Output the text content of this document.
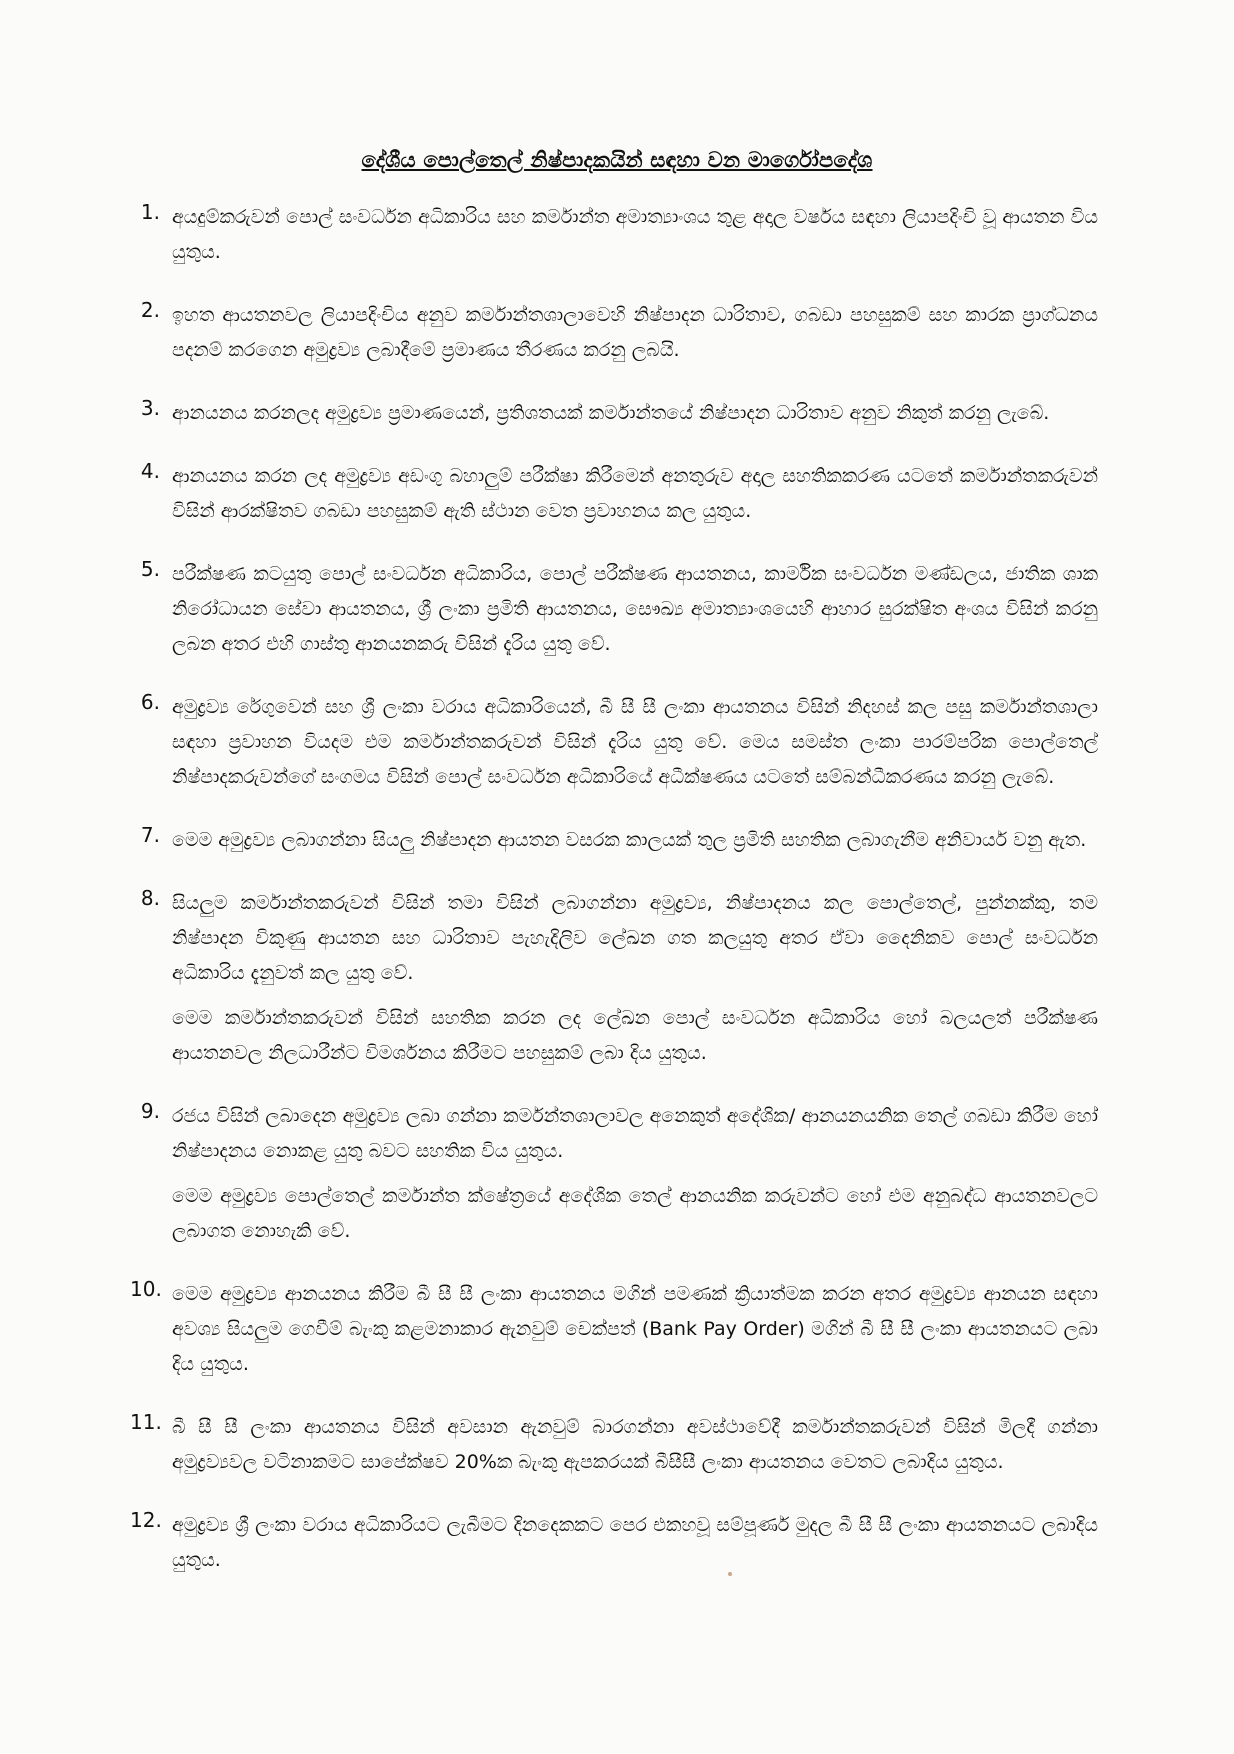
දේශීය පොල්තෙල් නිෂ්පාදකයින් සඳහා වන මාර්ගෝපදේශ
1. අයදුම්කරුවන් පොල් සංවර්ධන අධිකාරිය සහ කර්මාන්ත අමාත්‍යාංශය තුළ අදාල වර්ෂය සඳහා ලියාපදිංචි වූ ආයතන විය යුතුය.

2. ඉහත ආයතනවල ලියාපදිංචිය අනුව කර්මාන්තශාලාවෙහි නිෂ්පාදන ධාරිතාව, ගබඩා පහසුකම් සහ කාරක ප්‍රාග්ධනය පදනම් කරගෙන අමුද්‍රව්‍ය ලබාදීමේ ප්‍රමාණය තීරණය කරනු ලබයි.

3. ආනයනය කරනලද අමුද්‍රව්‍ය ප්‍රමාණයෙන්, ප්‍රතිශතයක් කර්මාන්තයේ නිෂ්පාදන ධාරිතාව අනුව නිකුත් කරනු ලැබේ.

4. ආනයනය කරන ලද අමුද්‍රව්‍ය අඩංගු බහාලුම් පරීක්ෂා කිරීමෙන් අනතුරුව අදාල සහතිකකරණ යටතේ කර්මාන්තකරුවන් විසින් ආරක්ෂිතව ගබඩා පහසුකම් ඇති ස්ථාන වෙත ප්‍රවාහනය කල යුතුය.

5. පරීක්ෂණ කටයුතු පොල් සංවර්ධන අධිකාරිය, පොල් පරීක්ෂණ ආයතනය, කාර්මික සංවර්ධන මණ්ඩලය, ජාතික ශාක නිරෝධායන සේවා ආයතනය, ශ්‍රී ලංකා ප්‍රමිති ආයතනය, සෞඛ්‍ය අමාත්‍යාංශයෙහි ආහාර සුරක්ෂිත අංශය විසින් කරනු ලබන අතර එහි ගාස්තු ආනයනකරු විසින් දැරිය යුතු වේ.

6. අමුද්‍රව්‍ය රේගුවෙන් සහ ශ්‍රී ලංකා වරාය අධිකාරියෙන්, බී සී සී ලංකා ආයතනය විසින් නිදහස් කල පසු කර්මාන්තශාලා සඳහා ප්‍රවාහන වියදම එම කර්මාන්තකරුවන් විසින් දැරිය යුතු වේ. මෙය සමස්ත ලංකා පාරම්පරික පොල්තෙල් නිෂ්පාදකරුවන්ගේ සංගමය විසින් පොල් සංවර්ධන අධිකාරියේ අධීක්ෂණය යටතේ සම්බන්ධීකරණය කරනු ලැබේ.

7. මෙම අමුද්‍රව්‍ය ලබාගන්නා සියලු නිෂ්පාදන ආයතන වසරක කාලයක් තුල ප්‍රමිති සහතික ලබාගැනීම අනිවාර්ය වනු ඇත.

8. සියලුම කර්මාන්තකරුවන් විසින් තමා විසින් ලබාගන්නා අමුද්‍රව්‍ය, නිෂ්පාදනය කල පොල්තෙල්, පුන්නක්කු, තම නිෂ්පාදන විකුණු ආයතන සහ ධාරිතාව පැහැදිලිව ලේඛන ගත කලයුතු අතර ඒවා දෛනිකව පොල් සංවර්ධන අධිකාරිය දැනුවත් කල යුතු වේ.

මෙම කර්මාන්තකරුවන් විසින් සහතික කරන ලද ලේඛන පොල් සංවර්ධන අධිකාරිය හෝ බලයලත් පරීක්ෂණ ආයතනවල නිලධාරීන්ට විමර්ශනය කිරීමට පහසුකම් ලබා දිය යුතුය.

9. රජය විසින් ලබාදෙන අමුද්‍රව්‍ය ලබා ගන්නා කර්මන්තශාලාවල අනෙකුත් අදේශික/ ආනයනයනික තෙල් ගබඩා කිරීම හෝ නිෂ්පාදනය නොකළ යුතු බවට සහතික විය යුතුය.

මෙම අමුද්‍රව්‍ය පොල්තෙල් කර්මාන්ත ක්ෂේත්‍රයේ අදේශික තෙල් ආනයනික කරුවන්ට හෝ එම අනුබද්ධ ආයතනවලට ලබාගත නොහැකි වේ.

10. මෙම අමුද්‍රව්‍ය ආනයනය කිරීම බී සී සී ලංකා ආයතනය මගින් පමණක් ක්‍රියාත්මක කරන අතර අමුද්‍රව්‍ය ආනයන සඳහා අවශ්‍ය සියලුම ගෙවීම් බැංකු කළමනාකාර ඇනවුම් චෙක්පත් (Bank Pay Order) මගින් බී සී සී ලංකා ආයතනයට ලබා දිය යුතුය.

11. බී සී සී ලංකා ආයතනය විසින් අවසාන ඇනවුම් බාරගන්නා අවස්ථාවේදී කර්මාන්තකරුවන් විසින් මිලදී ගන්නා අමුද්‍රව්‍යවල වටිනාකමට සාපේක්ෂව 20%ක බැංකු ඇපකරයක් බීසීසී ලංකා ආයතනය වෙතට ලබාදිය යුතුය.

12. අමුද්‍රව්‍ය ශ්‍රී ලංකා වරාය අධිකාරියට ලැබීමට දිනදෙකකට පෙර එකහවූ සම්පූර්ණ මුදල බී සී සී ලංකා ආයතනයට ලබාදිය යුතුය.
